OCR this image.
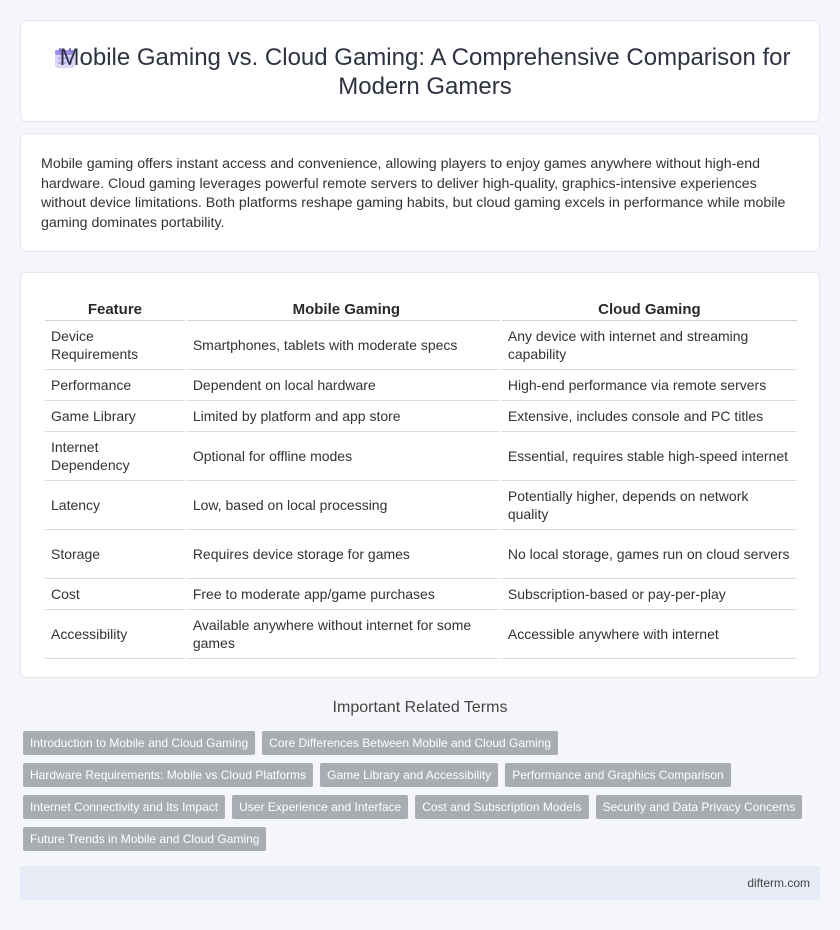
Mobile Gaming vs. Cloud Gaming: A Comprehensive Comparison for Modern Gamers

Mobile gaming offers instant access and convenience, allowing players to enjoy games anywhere without high-end hardware. Cloud gaming leverages powerful remote servers to deliver high-quality, graphics-intensive experiences without device limitations. Both platforms reshape gaming habits, but cloud gaming excels in performance while mobile gaming dominates portability.

Feature	Mobile Gaming	Cloud Gaming
Device Requirements	Smartphones, tablets with moderate specs	Any device with internet and streaming capability
Performance	Dependent on local hardware	High-end performance via remote servers
Game Library	Limited by platform and app store	Extensive, includes console and PC titles
Internet Dependency	Optional for offline modes	Essential, requires stable high-speed internet
Latency	Low, based on local processing	Potentially higher, depends on network quality
Storage	Requires device storage for games	No local storage, games run on cloud servers
Cost	Free to moderate app/game purchases	Subscription-based or pay-per-play
Accessibility	Available anywhere without internet for some games	Accessible anywhere with internet
Important Related Terms
Introduction to Mobile and Cloud Gaming	Core Differences Between Mobile and Cloud Gaming
Hardware Requirements: Mobile vs Cloud Platforms	Game Library and Accessibility	Performance and Graphics Comparison
Internet Connectivity and Its Impact	User Experience and Interface	Cost and Subscription Models	Security and Data Privacy Concerns
Future Trends in Mobile and Cloud Gaming
difterm.com
